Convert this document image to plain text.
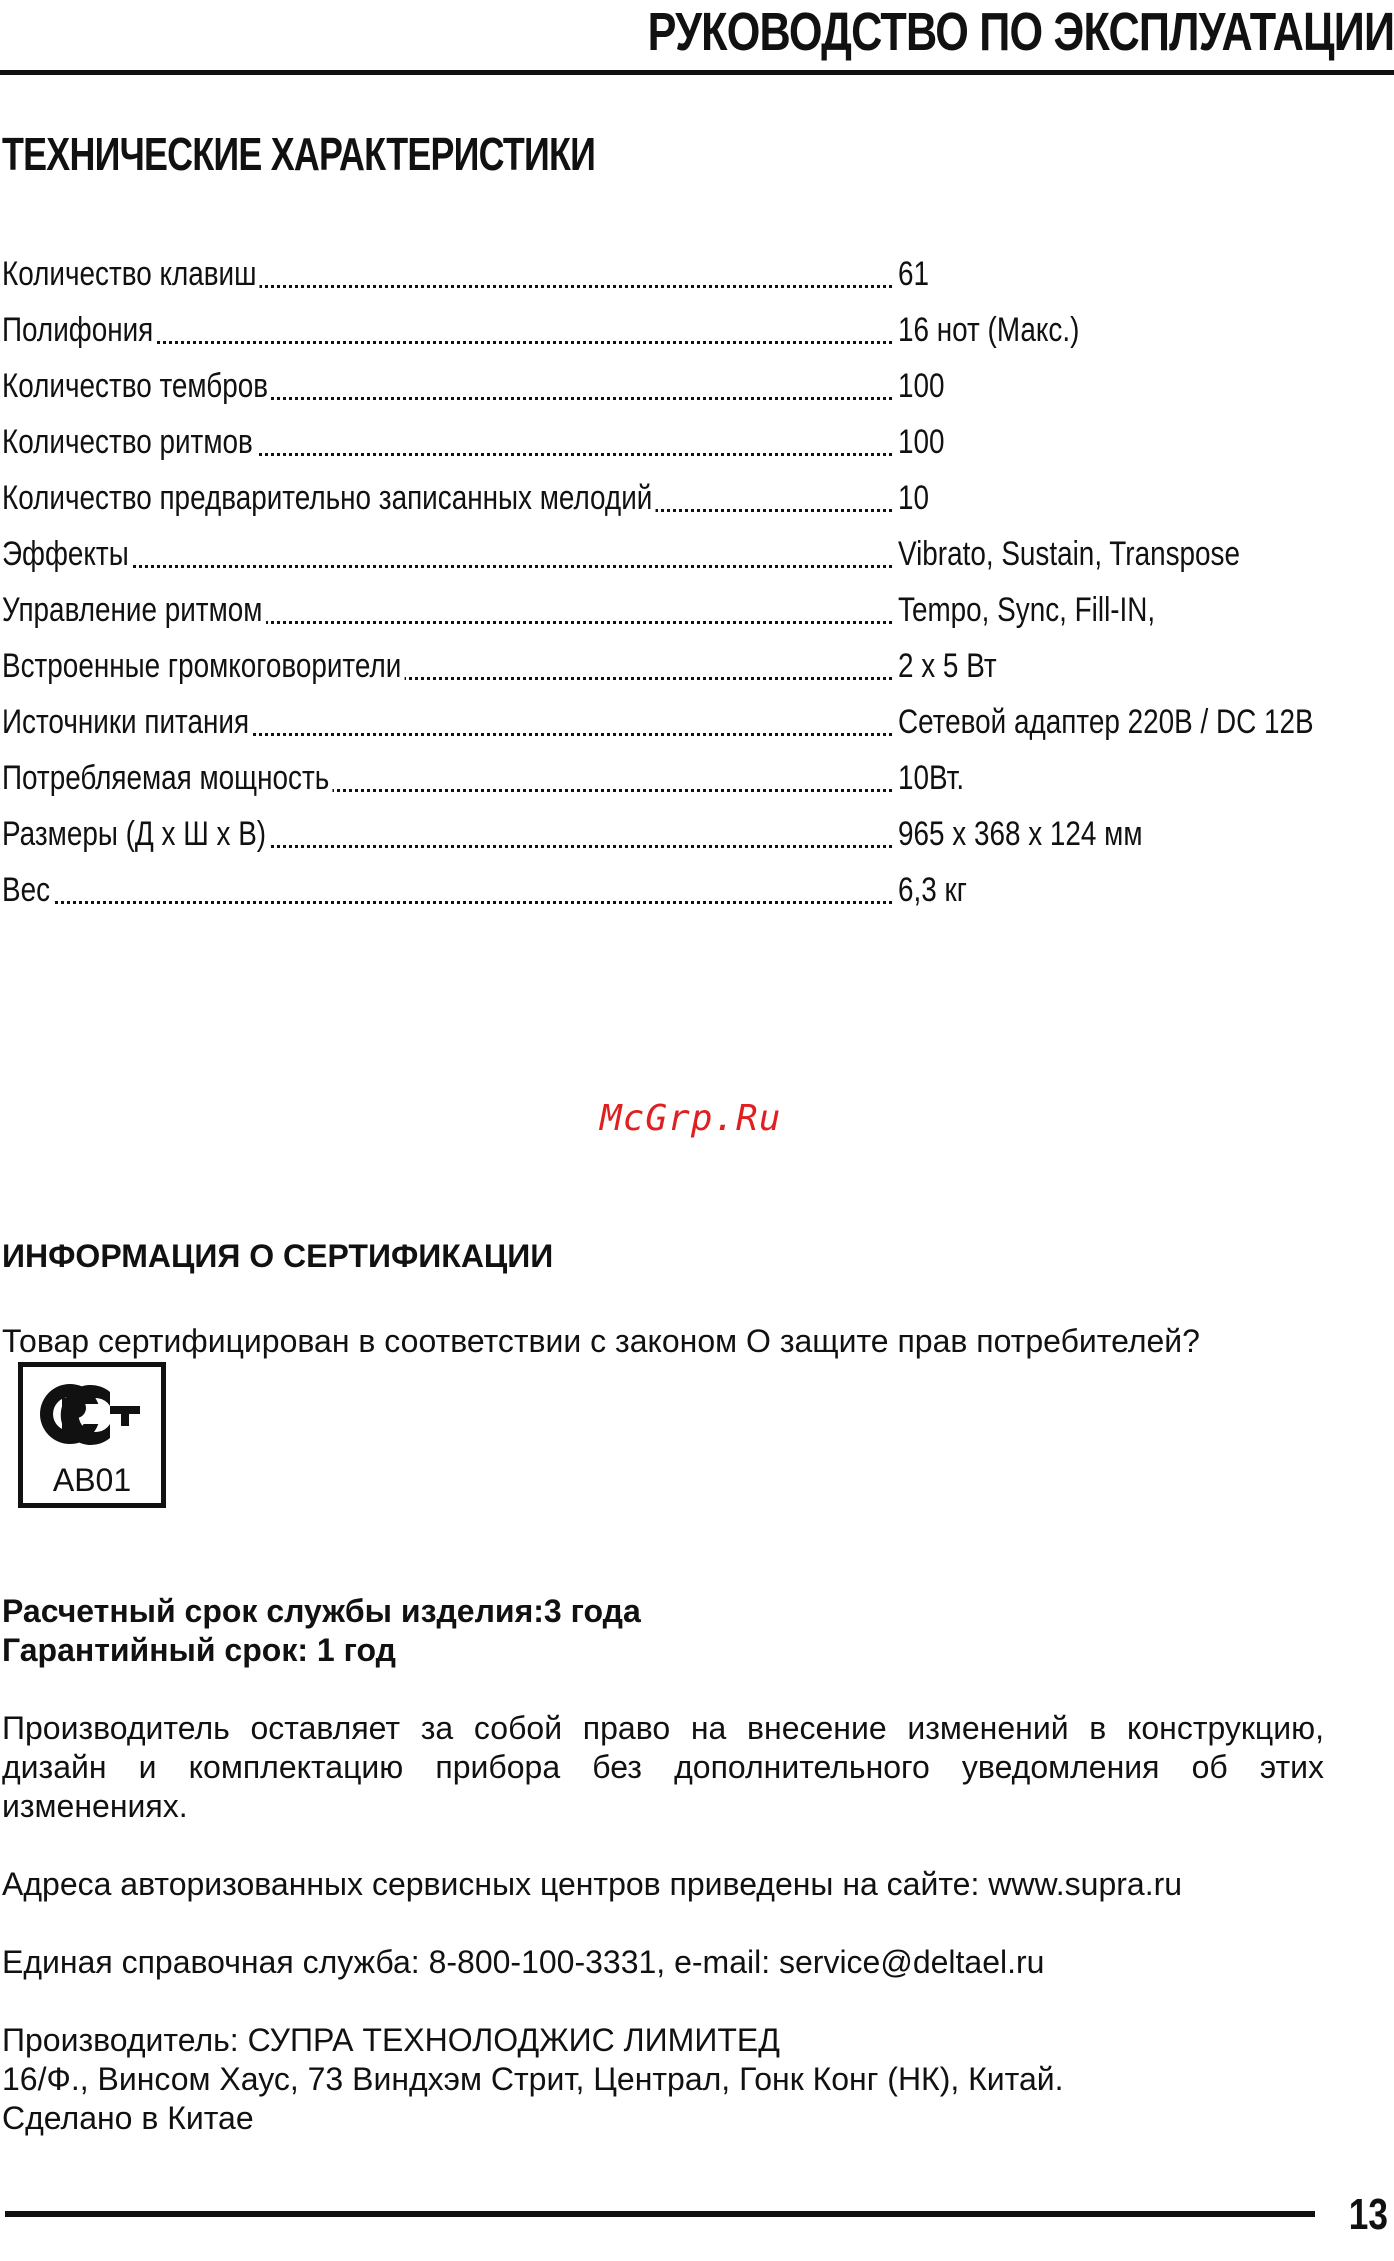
РУКОВОДСТВО ПО ЭКСПЛУАТАЦИИ
ТЕХНИЧЕСКИЕ ХАРАКТЕРИСТИКИ
Количество клавиш	61
Полифония	16 нот (Макс.)
Количество тембров	100
Количество ритмов	100
Количество предварительно записанных мелодий	10
Эффекты	Vibrato, Sustain, Transpose
Управление ритмом	Tempo, Sync, Fill-IN,
Встроенные громкоговорители	2 x 5 Вт
Источники питания	Сетевой адаптер 220В / DC 12В
Потребляемая мощность	10Вт.
Размеры (Д x Ш x В)	965 x 368 x 124 мм
Вес	6,3 кг
McGrp.Ru
ИНФОРМАЦИЯ О СЕРТИФИКАЦИИ
Товар сертифицирован в соответствии с законом О защите прав потребителей?
АВ01
Расчетный срок службы изделия:3 года
Гарантийный срок: 1 год
Производитель оставляет за собой право на внесение изменений в конструкцию, дизайн и комплектацию прибора без дополнительного уведомления об этих изменениях.
Адреса авторизованных сервисных центров приведены на сайте: www.supra.ru
Единая справочная служба: 8-800-100-3331, e-mail: service@deltael.ru
Производитель: СУПРА ТЕХНОЛОДЖИС ЛИМИТЕД
16/Ф., Винсом Хаус, 73 Виндхэм Стрит, Централ, Гонк Конг (НК), Китай.
Сделано в Китае
13
